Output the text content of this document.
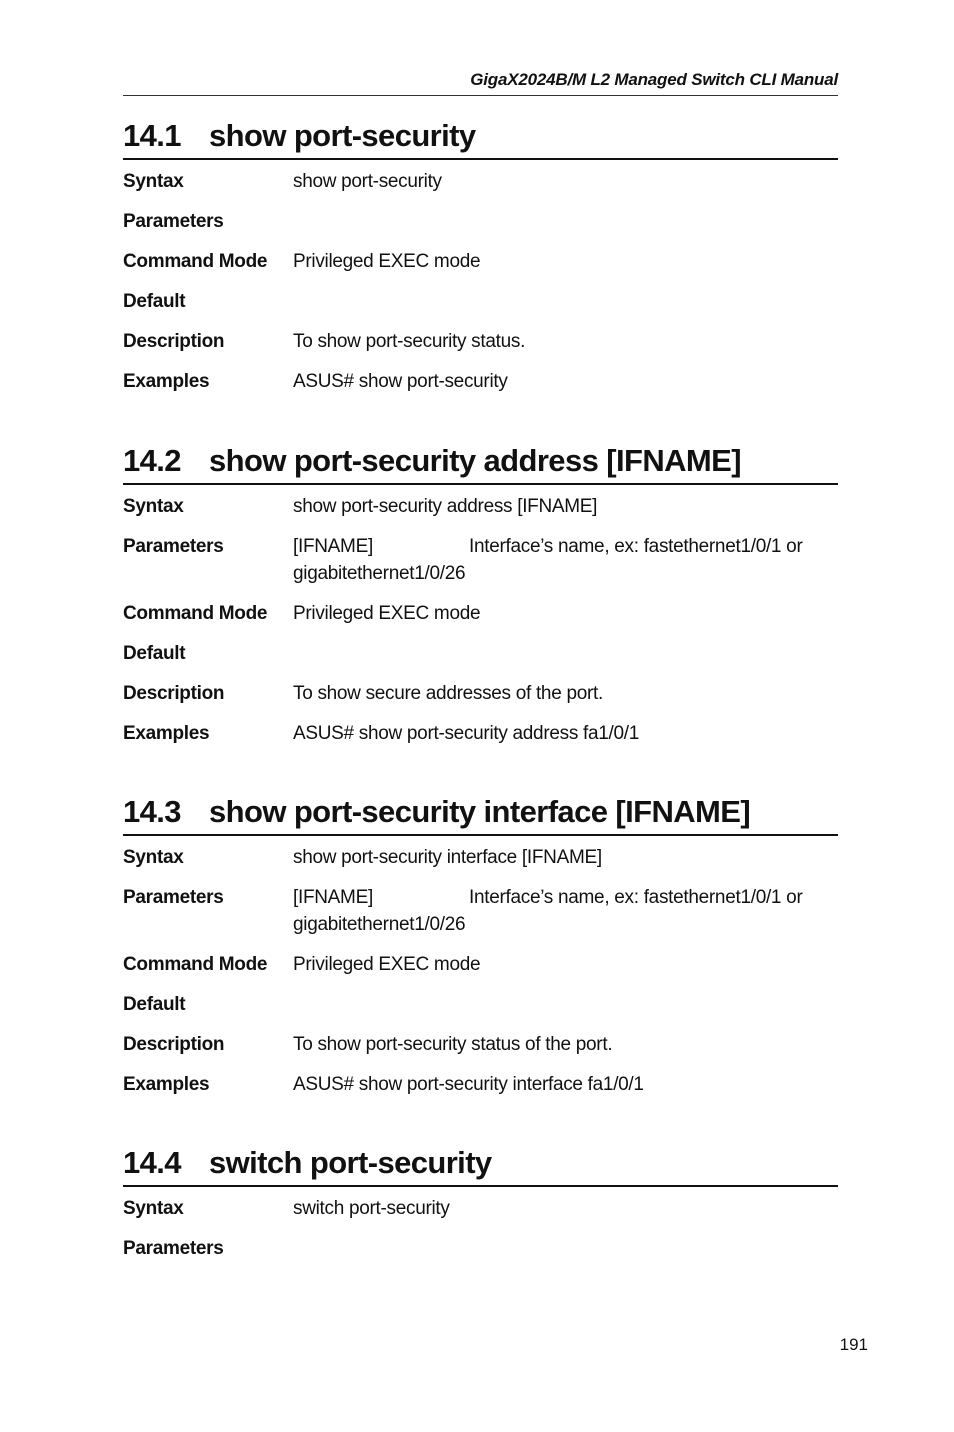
GigaX2024B/M L2 Managed Switch CLI Manual
14.1 show port-security
Syntax	show port-security
Parameters
Command Mode	Privileged EXEC mode
Default
Description	To show port-security status.
Examples	ASUS# show port-security
14.2 show port-security address [IFNAME]
Syntax	show port-security address [IFNAME]
Parameters	[IFNAME]	Interface’s name, ex: fastethernet1/0/1 or
gigabitethernet1/0/26
Command Mode	Privileged EXEC mode
Default
Description	To show secure addresses of the port.
Examples	ASUS# show port-security address fa1/0/1
14.3 show port-security interface [IFNAME]
Syntax	show port-security interface [IFNAME]
Parameters	[IFNAME]	Interface’s name, ex: fastethernet1/0/1 or
gigabitethernet1/0/26
Command Mode	Privileged EXEC mode
Default
Description	To show port-security status of the port.
Examples	ASUS# show port-security interface fa1/0/1
14.4 switch port-security
Syntax	switch port-security
Parameters
191
